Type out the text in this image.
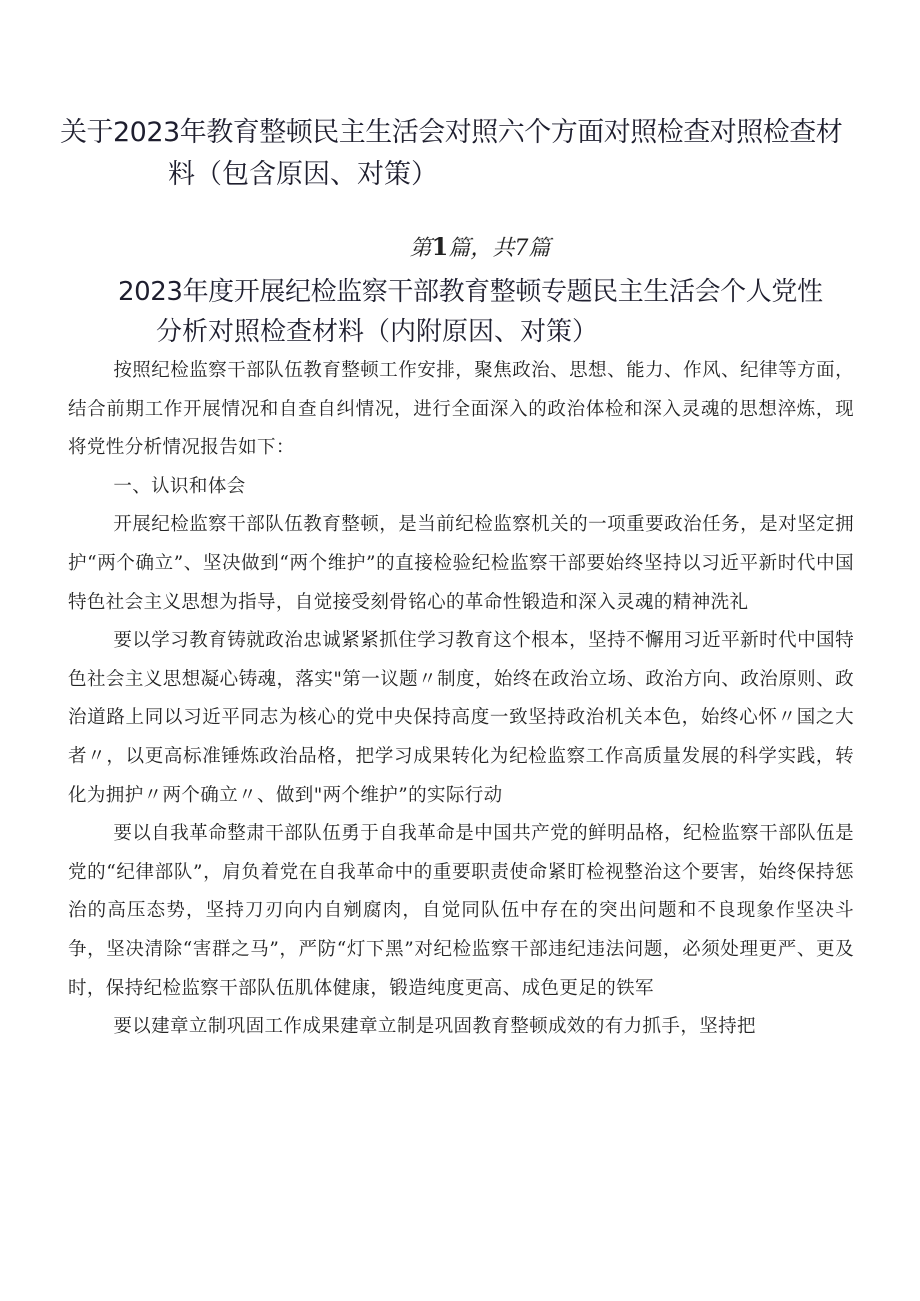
关于2023年教育整顿民主生活会对照六个方面对照检查对照检查材
料（包含原因、对策）
第1篇，共7篇
2023年度开展纪检监察干部教育整顿专题民主生活会个人党性
分析对照检查材料（内附原因、对策）

按照纪检监察干部队伍教育整顿工作安排，聚焦政治、思想、能力、作风、纪律等方面，结合前期工作开展情况和自查自纠情况，进行全面深入的政治体检和深入灵魂的思想淬炼，现将党性分析情况报告如下：

一、认识和体会

开展纪检监察干部队伍教育整顿，是当前纪检监察机关的一项重要政治任务，是对坚定拥护“两个确立”、坚决做到“两个维护”的直接检验纪检监察干部要始终坚持以习近平新时代中国特色社会主义思想为指导，自觉接受刻骨铭心的革命性锻造和深入灵魂的精神洗礼

要以学习教育铸就政治忠诚紧紧抓住学习教育这个根本，坚持不懈用习近平新时代中国特色社会主义思想凝心铸魂，落实"第一议题〃制度，始终在政治立场、政治方向、政治原则、政治道路上同以习近平同志为核心的党中央保持高度一致坚持政治机关本色，始终心怀〃国之大者〃，以更高标准锤炼政治品格，把学习成果转化为纪检监察工作高质量发展的科学实践，转化为拥护〃两个确立〃、做到"两个维护”的实际行动

要以自我革命整肃干部队伍勇于自我革命是中国共产党的鲜明品格，纪检监察干部队伍是党的“纪律部队”，肩负着党在自我革命中的重要职责使命紧盯检视整治这个要害，始终保持惩治的高压态势，坚持刀刃向内自剜腐肉，自觉同队伍中存在的突出问题和不良现象作坚决斗争，坚决清除“害群之马”，严防“灯下黑”对纪检监察干部违纪违法问题，必须处理更严、更及时，保持纪检监察干部队伍肌体健康，锻造纯度更高、成色更足的铁军

要以建章立制巩固工作成果建章立制是巩固教育整顿成效的有力抓手，坚持把
